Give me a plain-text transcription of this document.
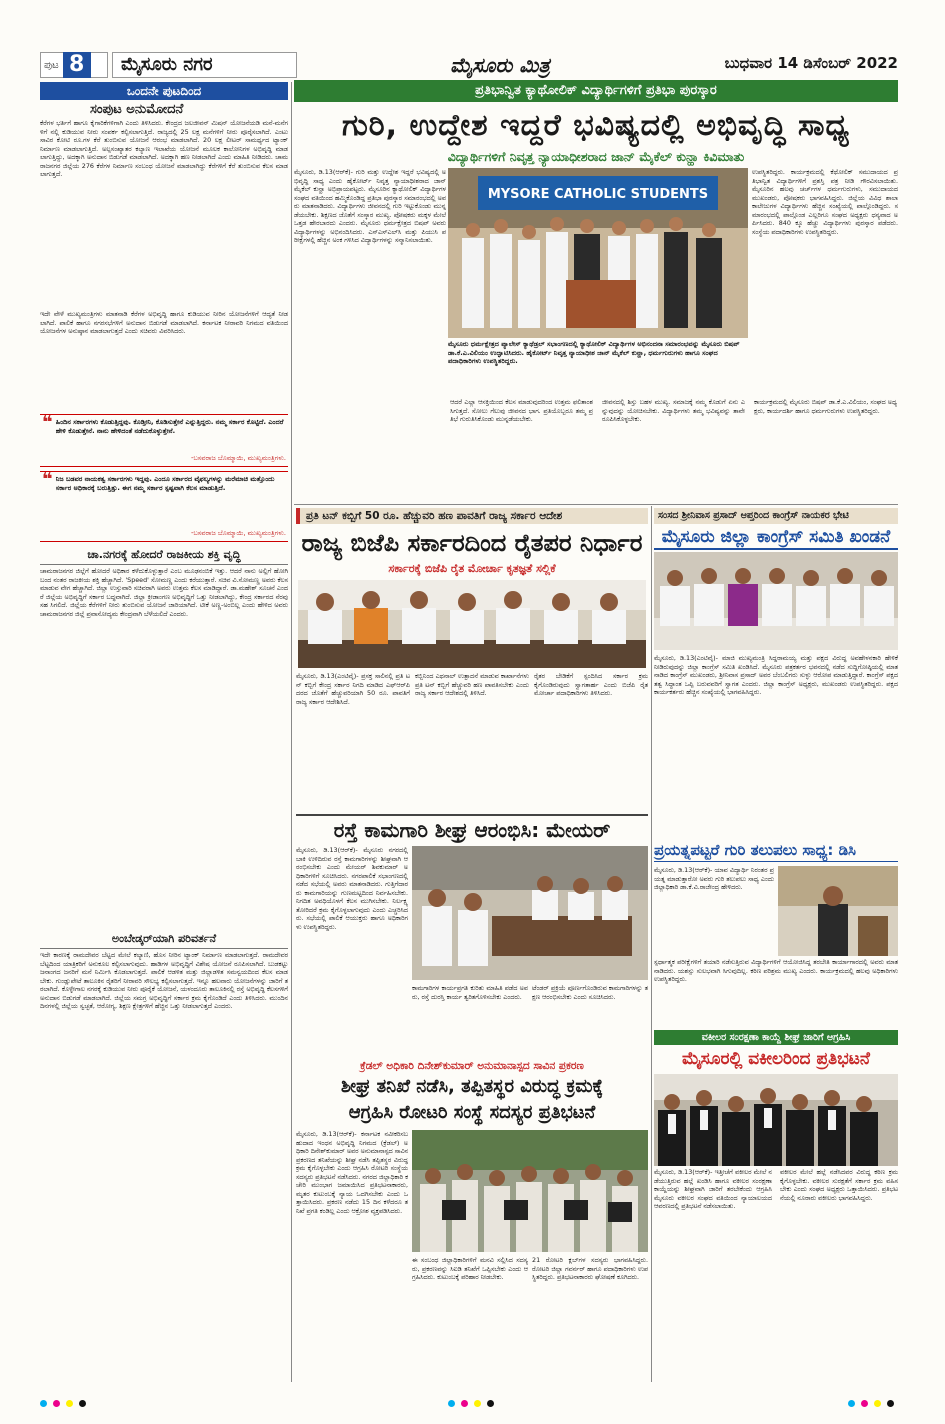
ಪುಟ 8	ಮೈಸೂರು ನಗರ	ಮೈಸೂರು ಮಿತ್ರ	ಬುಧವಾರ 14 ಡಿಸೆಂಬರ್ 2022
ಒಂದನೇ ಪುಟದಿಂದ
ಸಂಪುಟ ಅನುಮೋದನೆ
ಕೆರೆಗಳ ಭರ್ತಿಗೆ ಹಾಗೂ ಕೈಗಾರಿಕೆಗಳಿಗಾಗಿ ಎಂದು ತಿಳಿಸಿದರು. ಕೇಂದ್ರದ ಜಲಜೀವನ್ ಮಿಷನ್ ಯೋಜನೆಯಡಿ ಮನೆ-ಮನೆಗಳಿಗೆ ನಲ್ಲಿ ಕುಡಿಯುವ ನೀರು ಸಂಪರ್ಕ ಕಲ್ಪಿಸಲಾಗುತ್ತಿದೆ. ರಾಜ್ಯದಲ್ಲಿ 25 ಲಕ್ಷ ಮನೆಗಳಿಗೆ ನೀರು ಪೂರೈಸಲಾಗಿದೆ. ಎಂಟು ಸಾವಿರ ಕೋಟಿ ರೂ.ಗಳ ಕೆರೆ ತುಂಬಿಸುವ ಯೋಜನೆ ಆರಂಭ ಮಾಡಲಾಗಿದೆ. 20 ಲಕ್ಷ ಲೀಟರ್ ಸಾಮರ್ಥ್ಯದ ಟ್ಯಾಂಕ್ ನಿರ್ಮಾಣ ಮಾಡಲಾಗುತ್ತಿದೆ. ಅಲ್ಪಸಂಖ್ಯಾತರ ಕಲ್ಯಾಣ ಇಲಾಖೆಯ ಯೋಜನೆ ಮೂಲಕ ಕಾಲೋನಿಗಳ ಅಭಿವೃದ್ಧಿ ಮಾಡಲಾಗುತ್ತಿದ್ದು, ಅದಕ್ಕಾಗಿ ಅನುದಾನ ಬಿಡುಗಡೆ ಮಾಡಲಾಗಿದೆ. ಅದಕ್ಕಾಗಿ ಹಣ ನೀಡಲಾಗಿದೆ ಎಂದು ಮಾಹಿತಿ ನೀಡಿದರು. ಚಾಮರಾಜನಗರ ಜಿಲ್ಲೆಯ 276 ಕೆರೆಗಳ ನಿರ್ಮಾಣ ಸಂಬಂಧ ಯೋಜನೆ ಮಾಡಲಾಗಿದ್ದು ಕೆರೆಗಳಿಗೆ ಕೆರೆ ತುಂಬಿಸುವ ಕೆಲಸ ಮಾಡಲಾಗುತ್ತದೆ.
ಇದೇ ವೇಳೆ ಮುಖ್ಯಮಂತ್ರಿಗಳು ಮಾತನಾಡಿ ಕೆರೆಗಳ ಅಭಿವೃದ್ಧಿ ಹಾಗೂ ಕುಡಿಯುವ ನೀರಿನ ಯೋಜನೆಗಳಿಗೆ ಆದ್ಯತೆ ನೀಡಲಾಗಿದೆ. ಪಾಲಿಕೆ ಹಾಗೂ ನಗರಸಭೆಗಳಿಗೆ ಅನುದಾನ ಬಿಡುಗಡೆ ಮಾಡಲಾಗಿದೆ. ಕರ್ನಾಟಕ ನೀರಾವರಿ ನಿಗಮದ ವತಿಯಿಂದ ಯೋಜನೆಗಳ ಅನುಷ್ಠಾನ ಮಾಡಲಾಗುತ್ತದೆ ಎಂದು ಸಚಿವರು ವಿವರಿಸಿದರು.
❝ ಹಿಂದಿನ ಸರ್ಕಾರಗಳು ಕೊಡುತ್ತಿದ್ದವು. ಕೊಡ್ತೀನಿ, ಕೊಡಿಸುತ್ತೇನೆ ಎನ್ನುತ್ತಿದ್ದರು. ನಮ್ಮ ಸರ್ಕಾರ ಕೊಟ್ಟಿದೆ. ಎಂದರೆ ಹೇಳಿ ಕೊಡುತ್ತೇನೆ. ನಾನು ಹೇಳಿದಂತೆ ನಡೆದುಕೊಳ್ಳುತ್ತೇನೆ.
-ಬಸವರಾಜ ಬೊಮ್ಮಾಯಿ, ಮುಖ್ಯಮಂತ್ರಿಗಳು.
❝ ನಿಜ ಬಡವರ ನಾಯಕತ್ವ ಸರ್ಕಾರಗಳು ಇದ್ದವು. ಎಂದೂ ಸರ್ಕಾರದ ವೈಫಲ್ಯಗಳನ್ನು ಮರೆಮಾಚಿ ಮತ್ತೊಂದು ಸರ್ಕಾರ ಅಧಿಕಾರಕ್ಕೆ ಬರುತ್ತಿತ್ತು. ಈಗ ನಮ್ಮ ಸರ್ಕಾರ ಸ್ಪಷ್ಟವಾಗಿ ಕೆಲಸ ಮಾಡುತ್ತಿದೆ.
-ಬಸವರಾಜ ಬೊಮ್ಮಾಯಿ, ಮುಖ್ಯಮಂತ್ರಿಗಳು.
ಚಾ.ನಗರಕ್ಕೆ ಹೋದರೆ ರಾಜಕೀಯ ಶಕ್ತಿ ವೃದ್ಧಿ
ಚಾಮರಾಜನಗರ ಜಿಲ್ಲೆಗೆ ಹೋದರೆ ಅಧಿಕಾರ ಕಳೆದುಕೊಳ್ಳುತ್ತಾರೆ ಎಂಬ ಮೂಢನಂಬಿಕೆ ಇತ್ತು. ಆದರೆ ನಾನು ಅಲ್ಲಿಗೆ ಹೋಗಿ ಬಂದ ನಂತರ ರಾಜಕೀಯ ಶಕ್ತಿ ಹೆಚ್ಚಾಗಿದೆ. 'Speed' ಸೋಮಣ್ಣ ಎಂದು ಕರೆಯುತ್ತಾರೆ. ಸಚಿವ ವಿ.ಸೋಮಣ್ಣ ಅವರು ಕೆಲಸ ಮಾಡುವ ವೇಗ ಹೆಚ್ಚಾಗಿದೆ. ಜಿಲ್ಲಾ ಉಸ್ತುವಾರಿ ಸಚಿವರಾಗಿ ಅವರು ಉತ್ತಮ ಕೆಲಸ ಮಾಡಿದ್ದಾರೆ. ಡಾ.ಮಹೇಶ್ ಸೂಚನೆ ಎಂದರೆ ಜಿಲ್ಲೆಯ ಅಭಿವೃದ್ಧಿಗೆ ಸರ್ಕಾರ ಬದ್ಧವಾಗಿದೆ. ಜಿಲ್ಲಾ ಕ್ರೀಡಾಂಗಣ ಅಭಿವೃದ್ಧಿಗೆ ಒತ್ತು ನೀಡಲಾಗಿದ್ದು, ಕೇಂದ್ರ ಸರ್ಕಾರದ ನೆರವು ಸಹ ಸಿಗಲಿದೆ. ಜಿಲ್ಲೆಯ ಕೆರೆಗಳಿಗೆ ನೀರು ತುಂಬಿಸುವ ಯೋಜನೆ ಜಾರಿಯಾಗಿದೆ. ಟೀಕೆ ಅಣ್ಣ-ಅಂಬಿಲ್ಲ ಎಂದು ಹೇಳಿದ ಅವರು ಚಾಮರಾಜನಗರ ಜಿಲ್ಲೆ ಪ್ರವಾಸೋದ್ಯಮ ಕೇಂದ್ರವಾಗಿ ಬೆಳೆಯಲಿದೆ ಎಂದರು.
ಅಂಬೇಡ್ಕರ್‌ಯಾಗಿ ಪರಿವರ್ತನೆ
ಇದೇ ಕಾರಣಕ್ಕೆ ರಾಮದೇವರ ಬೆಟ್ಟದ ಮೇಲೆ ಕಲ್ಯಾಣಿ, ಹೊಸ ನೀರಿನ ಟ್ಯಾಂಕ್ ನಿರ್ಮಾಣ ಮಾಡಲಾಗುತ್ತದೆ. ರಾಮದೇವರ ಬೆಟ್ಟದಿಂದ ಯಾತ್ರಿಕರಿಗೆ ಅನುಕೂಲ ಕಲ್ಪಿಸಲಾಗುವುದು. ಹಾಡಿಗಳ ಅಭಿವೃದ್ಧಿಗೆ ವಿಶೇಷ ಯೋಜನೆ ರೂಪಿಸಲಾಗಿದೆ. ಬುಡಕಟ್ಟು ಜನಾಂಗದ ಜನರಿಗೆ ಮನೆ ನಿರ್ಮಿಸಿ ಕೊಡಲಾಗುತ್ತದೆ. ಪಾಲಿಕೆ ಆಡಳಿತ ಮತ್ತು ಜಿಲ್ಲಾಡಳಿತ ಸಮನ್ವಯದಿಂದ ಕೆಲಸ ಮಾಡಬೇಕು. ಗುಂಡ್ಲುಪೇಟೆ ತಾಲೂಕಿನ ರೈತರಿಗೆ ನೀರಾವರಿ ಸೌಲಭ್ಯ ಕಲ್ಪಿಸಲಾಗುತ್ತದೆ. ಇನ್ನೂ ಹಲವಾರು ಯೋಜನೆಗಳನ್ನು ಜಾರಿಗೆ ತರಲಾಗಿದೆ. ಕೊಳ್ಳೇಗಾಲ ನಗರಕ್ಕೆ ಕುಡಿಯುವ ನೀರು ಪೂರೈಕೆ ಯೋಜನೆ, ಯಳಂದೂರು ತಾಲೂಕಿನಲ್ಲಿ ರಸ್ತೆ ಅಭಿವೃದ್ಧಿ ಕೆಲಸಗಳಿಗೆ ಅನುದಾನ ಬಿಡುಗಡೆ ಮಾಡಲಾಗಿದೆ. ಜಿಲ್ಲೆಯ ಸಮಗ್ರ ಅಭಿವೃದ್ಧಿಗೆ ಸರ್ಕಾರ ಕ್ರಮ ಕೈಗೊಂಡಿದೆ ಎಂದು ತಿಳಿಸಿದರು. ಮುಂದಿನ ದಿನಗಳಲ್ಲಿ ಜಿಲ್ಲೆಯ ಸ್ವಚ್ಛತೆ, ಆರೋಗ್ಯ, ಶಿಕ್ಷಣ ಕ್ಷೇತ್ರಗಳಿಗೆ ಹೆಚ್ಚಿನ ಒತ್ತು ನೀಡಲಾಗುತ್ತದೆ ಎಂದರು.
ಪ್ರತಿಭಾನ್ವಿತ ಕ್ಯಾಥೋಲಿಕ್ ವಿದ್ಯಾರ್ಥಿಗಳಿಗೆ ಪ್ರತಿಭಾ ಪುರಸ್ಕಾರ
ಗುರಿ, ಉದ್ದೇಶ ಇದ್ದರೆ ಭವಿಷ್ಯದಲ್ಲಿ ಅಭಿವೃದ್ಧಿ ಸಾಧ್ಯ
ವಿದ್ಯಾರ್ಥಿಗಳಿಗೆ ನಿವೃತ್ತ ನ್ಯಾಯಾಧೀಶರಾದ ಜಾನ್ ಮೈಕೆಲ್ ಕುನ್ಹಾ ಕಿವಿಮಾತು
ಮೈಸೂರು, ಡಿ.13(ಆರ್‌ಕೆ)- ಗುರಿ ಮತ್ತು ಉದ್ದೇಶ ಇದ್ದರೆ ಭವಿಷ್ಯದಲ್ಲಿ ಅಭಿವೃದ್ಧಿ ಸಾಧ್ಯ ಎಂದು ಹೈಕೋರ್ಟ್ ನಿವೃತ್ತ ನ್ಯಾಯಾಧೀಶರಾದ ಜಾನ್ ಮೈಕೆಲ್ ಕುನ್ಹಾ ಅಭಿಪ್ರಾಯಪಟ್ಟರು. ಮೈಸೂರಿನ ಕ್ಯಾಥೋಲಿಕ್ ವಿದ್ಯಾರ್ಥಿಗಳ ಸಂಘದ ವತಿಯಿಂದ ಹಮ್ಮಿಕೊಂಡಿದ್ದ ಪ್ರತಿಭಾ ಪುರಸ್ಕಾರ ಸಮಾರಂಭದಲ್ಲಿ ಅವರು ಮಾತನಾಡಿದರು. ವಿದ್ಯಾರ್ಥಿಗಳು ಜೀವನದಲ್ಲಿ ಗುರಿ ಇಟ್ಟುಕೊಂಡು ಮುನ್ನಡೆಯಬೇಕು. ಶಿಕ್ಷಣದ ಜೊತೆಗೆ ಸಂಸ್ಕಾರ ಮುಖ್ಯ. ಪೋಷಕರು ಮಕ್ಕಳ ಮೇಲೆ ಒತ್ತಡ ಹೇರಬಾರದು ಎಂದರು. ಮೈಸೂರು ಧರ್ಮಕ್ಷೇತ್ರದ ಬಿಷಪ್ ಅವರು ವಿದ್ಯಾರ್ಥಿಗಳನ್ನು ಅಭಿನಂದಿಸಿದರು. ಎಸ್‌ಎಸ್‌ಎಲ್‌ಸಿ ಮತ್ತು ಪಿಯುಸಿ ಪರೀಕ್ಷೆಗಳಲ್ಲಿ ಹೆಚ್ಚಿನ ಅಂಕ ಗಳಿಸಿದ ವಿದ್ಯಾರ್ಥಿಗಳನ್ನು ಸನ್ಮಾನಿಸಲಾಯಿತು.
MYSORE CATHOLIC STUDENTS
ಉಪಸ್ಥಿತರಿದ್ದರು. ಕಾರ್ಯಕ್ರಮದಲ್ಲಿ ಕೆಥೋಲಿಕ್ ಸಮುದಾಯದ ಪ್ರತಿಭಾನ್ವಿತ ವಿದ್ಯಾರ್ಥಿಗಳಿಗೆ ಪ್ರಶಸ್ತಿ ಪತ್ರ ನೀಡಿ ಗೌರವಿಸಲಾಯಿತು. ಮೈಸೂರಿನ ಹಲವು ಚರ್ಚ್‌ಗಳ ಧರ್ಮಗುರುಗಳು, ಸಮುದಾಯದ ಮುಖಂಡರು, ಪೋಷಕರು ಭಾಗವಹಿಸಿದ್ದರು. ಜಿಲ್ಲೆಯ ವಿವಿಧ ಶಾಲಾ ಕಾಲೇಜುಗಳ ವಿದ್ಯಾರ್ಥಿಗಳು ಹೆಚ್ಚಿನ ಸಂಖ್ಯೆಯಲ್ಲಿ ಪಾಲ್ಗೊಂಡಿದ್ದರು. ಸಮಾರಂಭದಲ್ಲಿ ಪಾಲ್ಗೊಂಡ ಎಲ್ಲರಿಗೂ ಸಂಘದ ಅಧ್ಯಕ್ಷರು ಧನ್ಯವಾದ ಅರ್ಪಿಸಿದರು. 840 ಕ್ಕೂ ಹೆಚ್ಚು ವಿದ್ಯಾರ್ಥಿಗಳು ಪುರಸ್ಕಾರ ಪಡೆದರು. ಸಂಸ್ಥೆಯ ಪದಾಧಿಕಾರಿಗಳು ಉಪಸ್ಥಿತರಿದ್ದರು.
ಮೈಸೂರು ಧರ್ಮಕ್ಷೇತ್ರದ ಪ್ಯಾಲೇಸ್ ಕ್ಯಾಥೆಡ್ರಲ್ ಸಭಾಂಗಣದಲ್ಲಿ ಕ್ಯಾಥೋಲಿಕ್ ವಿದ್ಯಾರ್ಥಿಗಳ ಅಭಿನಂದನಾ ಸಮಾರಂಭವನ್ನು ಮೈಸೂರು ಬಿಷಪ್ ಡಾ.ಕೆ.ಎ.ವಿಲಿಯಂ ಉದ್ಘಾಟಿಸಿದರು. ಹೈಕೋರ್ಟ್ ನಿವೃತ್ತ ನ್ಯಾಯಾಧೀಶ ಜಾನ್ ಮೈಕೆಲ್ ಕುನ್ಹಾ, ಧರ್ಮಗುರುಗಳು ಹಾಗೂ ಸಂಘದ ಪದಾಧಿಕಾರಿಗಳು ಉಪಸ್ಥಿತರಿದ್ದರು.
ಆದರೆ ಎಲ್ಲಾ ಆಸಕ್ತಿಯಿಂದ ಕೆಲಸ ಮಾಡುವುದರಿಂದ ಉತ್ತಮ ಫಲಿತಾಂಶ ಸಿಗುತ್ತದೆ. ಸೋಲು ಗೆಲುವು ಜೀವನದ ಭಾಗ. ಪ್ರತಿಯೊಬ್ಬರೂ ತಮ್ಮ ಪ್ರತಿಭೆ ಗುರುತಿಸಿಕೊಂಡು ಮುನ್ನಡೆಯಬೇಕು.
ಜೀವನದಲ್ಲಿ ಶಿಸ್ತು ಬಹಳ ಮುಖ್ಯ. ಸಮಾಜಕ್ಕೆ ನಮ್ಮ ಕೊಡುಗೆ ಏನು ಎನ್ನುವುದನ್ನು ಯೋಚಿಸಬೇಕು. ವಿದ್ಯಾರ್ಥಿಗಳು ತಮ್ಮ ಭವಿಷ್ಯವನ್ನು ತಾವೇ ರೂಪಿಸಿಕೊಳ್ಳಬೇಕು.
ಕಾರ್ಯಕ್ರಮದಲ್ಲಿ ಮೈಸೂರು ಬಿಷಪ್ ಡಾ.ಕೆ.ಎ.ವಿಲಿಯಂ, ಸಂಘದ ಅಧ್ಯಕ್ಷರು, ಕಾರ್ಯದರ್ಶಿ ಹಾಗೂ ಧರ್ಮಗುರುಗಳು ಉಪಸ್ಥಿತರಿದ್ದರು.
ಪ್ರತಿ ಟನ್ ಕಬ್ಬಿಗೆ 50 ರೂ. ಹೆಚ್ಚುವರಿ ಹಣ ಪಾವತಿಗೆ ರಾಜ್ಯ ಸರ್ಕಾರ ಆದೇಶ
ರಾಜ್ಯ ಬಿಜೆಪಿ ಸರ್ಕಾರದಿಂದ ರೈತಪರ ನಿರ್ಧಾರ
ಸರ್ಕಾರಕ್ಕೆ ಬಿಜೆಪಿ ರೈತ ಮೋರ್ಚಾ ಕೃತಜ್ಞತೆ ಸಲ್ಲಿಕೆ
ಮೈಸೂರು, ಡಿ.13(ಎಂಟಿವೈ)- ಪ್ರಸಕ್ತ ಸಾಲಿನಲ್ಲಿ ಪ್ರತಿ ಟನ್ ಕಬ್ಬಿಗೆ ಕೇಂದ್ರ ಸರ್ಕಾರ ನಿಗದಿ ಮಾಡಿದ ಎಫ್‌ಆರ್‌ಪಿ ದರದ ಜೊತೆಗೆ ಹೆಚ್ಚುವರಿಯಾಗಿ 50 ರೂ. ಪಾವತಿಗೆ ರಾಜ್ಯ ಸರ್ಕಾರ ಆದೇಶಿಸಿದೆ.
ಕಬ್ಬಿನಿಂದ ಎಥನಾಲ್ ಉತ್ಪಾದನೆ ಮಾಡುವ ಕಾರ್ಖಾನೆಗಳು ಪ್ರತಿ ಟನ್ ಕಬ್ಬಿಗೆ ಹೆಚ್ಚುವರಿ ಹಣ ಪಾವತಿಸಬೇಕು ಎಂದು ರಾಜ್ಯ ಸರ್ಕಾರ ಆದೇಶದಲ್ಲಿ ತಿಳಿಸಿದೆ.
ರೈತರ ಬೇಡಿಕೆಗೆ ಸ್ಪಂದಿಸಿದ ಸರ್ಕಾರ ಕ್ರಮ ಕೈಗೊಂಡಿರುವುದು ಸ್ವಾಗತಾರ್ಹ ಎಂದು ಬಿಜೆಪಿ ರೈತ ಮೋರ್ಚಾ ಪದಾಧಿಕಾರಿಗಳು ತಿಳಿಸಿದರು.
ಸಂಸದ ಶ್ರೀನಿವಾಸ ಪ್ರಸಾದ್ ಆಪ್ತರಿಂದ ಕಾಂಗ್ರೆಸ್ ನಾಯಕರ ಭೇಟಿ
ಮೈಸೂರು ಜಿಲ್ಲಾ ಕಾಂಗ್ರೆಸ್ ಸಮಿತಿ ಖಂಡನೆ
ಮೈಸೂರು, ಡಿ.13(ಎಂಟಿವೈ)- ಮಾಜಿ ಮುಖ್ಯಮಂತ್ರಿ ಸಿದ್ದರಾಮಯ್ಯ ಮತ್ತು ಪಕ್ಷದ ವಿರುದ್ಧ ಅವಹೇಳನಕಾರಿ ಹೇಳಿಕೆ ನೀಡಿರುವುದನ್ನು ಜಿಲ್ಲಾ ಕಾಂಗ್ರೆಸ್ ಸಮಿತಿ ಖಂಡಿಸಿದೆ. ಮೈಸೂರು ಪತ್ರಕರ್ತರ ಭವನದಲ್ಲಿ ನಡೆದ ಸುದ್ದಿಗೋಷ್ಠಿಯಲ್ಲಿ ಮಾತನಾಡಿದ ಕಾಂಗ್ರೆಸ್ ಮುಖಂಡರು, ಶ್ರೀನಿವಾಸ ಪ್ರಸಾದ್ ಅವರ ಬೆಂಬಲಿಗರು ಸುಳ್ಳು ಆರೋಪ ಮಾಡುತ್ತಿದ್ದಾರೆ. ಕಾಂಗ್ರೆಸ್ ಪಕ್ಷದ ತತ್ವ ಸಿದ್ಧಾಂತ ಒಪ್ಪಿ ಬರುವವರಿಗೆ ಸ್ವಾಗತ ಎಂದರು. ಜಿಲ್ಲಾ ಕಾಂಗ್ರೆಸ್ ಅಧ್ಯಕ್ಷರು, ಮುಖಂಡರು ಉಪಸ್ಥಿತರಿದ್ದರು. ಪಕ್ಷದ ಕಾರ್ಯಕರ್ತರು ಹೆಚ್ಚಿನ ಸಂಖ್ಯೆಯಲ್ಲಿ ಭಾಗವಹಿಸಿದ್ದರು.
ಪ್ರಯತ್ನಪಟ್ಟರೆ ಗುರಿ ತಲುಪಲು ಸಾಧ್ಯ: ಡಿಸಿ
ಮೈಸೂರು, ಡಿ.13(ಆರ್‌ಕೆ)- ಯಾವ ವಿದ್ಯಾರ್ಥಿ ನಿರಂತರ ಪ್ರಯತ್ನ ಮಾಡುತ್ತಾರೋ ಅವರು ಗುರಿ ತಲುಪಲು ಸಾಧ್ಯ ಎಂದು ಜಿಲ್ಲಾಧಿಕಾರಿ ಡಾ.ಕೆ.ವಿ.ರಾಜೇಂದ್ರ ಹೇಳಿದರು.
ಸ್ಪರ್ಧಾತ್ಮಕ ಪರೀಕ್ಷೆಗಳಿಗೆ ತಯಾರಿ ನಡೆಸುತ್ತಿರುವ ವಿದ್ಯಾರ್ಥಿಗಳಿಗೆ ಆಯೋಜಿಸಿದ್ದ ತರಬೇತಿ ಕಾರ್ಯಾಗಾರದಲ್ಲಿ ಅವರು ಮಾತನಾಡಿದರು. ಯಶಸ್ಸು ಸುಲಭವಾಗಿ ಸಿಗುವುದಿಲ್ಲ. ಕಠಿಣ ಪರಿಶ್ರಮ ಮುಖ್ಯ ಎಂದರು. ಕಾರ್ಯಕ್ರಮದಲ್ಲಿ ಹಲವು ಅಧಿಕಾರಿಗಳು ಉಪಸ್ಥಿತರಿದ್ದರು.
ವಕೀಲರ ಸಂರಕ್ಷಣಾ ಕಾಯ್ದೆ ಶೀಘ್ರ ಜಾರಿಗೆ ಆಗ್ರಹಿಸಿ
ಮೈಸೂರಲ್ಲಿ ವಕೀಲರಿಂದ ಪ್ರತಿಭಟನೆ
ಮೈಸೂರು, ಡಿ.13(ಆರ್‌ಕೆ)- ಇತ್ತೀಚೆಗೆ ವಕೀಲರ ಮೇಲೆ ನಡೆಯುತ್ತಿರುವ ಹಲ್ಲೆ ಖಂಡಿಸಿ ಹಾಗೂ ವಕೀಲರ ಸಂರಕ್ಷಣಾ ಕಾಯ್ದೆಯನ್ನು ಶೀಘ್ರವಾಗಿ ಜಾರಿಗೆ ತರಬೇಕೆಂದು ಆಗ್ರಹಿಸಿ ಮೈಸೂರು ವಕೀಲರ ಸಂಘದ ವತಿಯಿಂದ ನ್ಯಾಯಾಲಯದ ಆವರಣದಲ್ಲಿ ಪ್ರತಿಭಟನೆ ನಡೆಸಲಾಯಿತು.
ವಕೀಲರ ಮೇಲೆ ಹಲ್ಲೆ ನಡೆಸಿದವರ ವಿರುದ್ಧ ಕಠಿಣ ಕ್ರಮ ಕೈಗೊಳ್ಳಬೇಕು. ವಕೀಲರ ಸುರಕ್ಷತೆಗೆ ಸರ್ಕಾರ ಕ್ರಮ ವಹಿಸಬೇಕು ಎಂದು ಸಂಘದ ಅಧ್ಯಕ್ಷರು ಒತ್ತಾಯಿಸಿದರು. ಪ್ರತಿಭಟನೆಯಲ್ಲಿ ನೂರಾರು ವಕೀಲರು ಭಾಗವಹಿಸಿದ್ದರು.
ರಸ್ತೆ ಕಾಮಗಾರಿ ಶೀಘ್ರ ಆರಂಭಿಸಿ: ಮೇಯರ್
ಮೈಸೂರು, ಡಿ.13(ಆರ್‌ಕೆ)- ಮೈಸೂರು ನಗರದಲ್ಲಿ ಬಾಕಿ ಉಳಿದಿರುವ ರಸ್ತೆ ಕಾಮಗಾರಿಗಳನ್ನು ಶೀಘ್ರವಾಗಿ ಆರಂಭಿಸಬೇಕು ಎಂದು ಮೇಯರ್ ಶಿವಕುಮಾರ್ ಅಧಿಕಾರಿಗಳಿಗೆ ಸೂಚಿಸಿದರು. ನಗರಪಾಲಿಕೆ ಸಭಾಂಗಣದಲ್ಲಿ ನಡೆದ ಸಭೆಯಲ್ಲಿ ಅವರು ಮಾತನಾಡಿದರು. ಗುತ್ತಿಗೆದಾರರು ಕಾಮಗಾರಿಯನ್ನು ಗುಣಮಟ್ಟದಿಂದ ನಿರ್ವಹಿಸಬೇಕು. ನಿಗದಿತ ಅವಧಿಯೊಳಗೆ ಕೆಲಸ ಮುಗಿಸಬೇಕು. ನಿರ್ಲಕ್ಷ್ಯ ತೋರಿದರೆ ಕ್ರಮ ಕೈಗೊಳ್ಳಲಾಗುವುದು ಎಂದು ಎಚ್ಚರಿಸಿದರು. ಸಭೆಯಲ್ಲಿ ಪಾಲಿಕೆ ಆಯುಕ್ತರು ಹಾಗೂ ಅಧಿಕಾರಿಗಳು ಉಪಸ್ಥಿತರಿದ್ದರು.
ಕಾಮಗಾರಿಗಳ ಕಾರ್ಯಪ್ರಗತಿ ಕುರಿತು ಮಾಹಿತಿ ಪಡೆದ ಅವರು, ರಸ್ತೆ ದುರಸ್ತಿ ಕಾರ್ಯ ತ್ವರಿತಗೊಳಿಸಬೇಕು ಎಂದರು.
ಟೆಂಡರ್ ಪ್ರಕ್ರಿಯೆ ಪೂರ್ಣಗೊಂಡಿರುವ ಕಾಮಗಾರಿಗಳನ್ನು ತಕ್ಷಣ ಆರಂಭಿಸಬೇಕು ಎಂದು ಸೂಚಿಸಿದರು.
ಕ್ರೆಡಲ್ ಅಧಿಕಾರಿ ದಿನೇಶ್‌ಕುಮಾರ್ ಅನುಮಾನಾಸ್ಪದ ಸಾವಿನ ಪ್ರಕರಣ
ಶೀಘ್ರ ತನಿಖೆ ನಡೆಸಿ, ತಪ್ಪಿತಸ್ಥರ ವಿರುದ್ಧ ಕ್ರಮಕ್ಕೆ
ಆಗ್ರಹಿಸಿ ರೋಟರಿ ಸಂಸ್ಥೆ ಸದಸ್ಯರ ಪ್ರತಿಭಟನೆ
ಮೈಸೂರು, ಡಿ.13(ಆರ್‌ಕೆ)- ಕರ್ನಾಟಕ ನವೀಕರಿಸಬಹುದಾದ ಇಂಧನ ಅಭಿವೃದ್ಧಿ ನಿಗಮದ (ಕ್ರೆಡಲ್) ಅಧಿಕಾರಿ ದಿನೇಶ್‌ಕುಮಾರ್ ಅವರ ಅನುಮಾನಾಸ್ಪದ ಸಾವಿನ ಪ್ರಕರಣದ ತನಿಖೆಯನ್ನು ಶೀಘ್ರ ನಡೆಸಿ ತಪ್ಪಿತಸ್ಥರ ವಿರುದ್ಧ ಕ್ರಮ ಕೈಗೊಳ್ಳಬೇಕು ಎಂದು ಆಗ್ರಹಿಸಿ ರೋಟರಿ ಸಂಸ್ಥೆಯ ಸದಸ್ಯರು ಪ್ರತಿಭಟನೆ ನಡೆಸಿದರು. ನಗರದ ಜಿಲ್ಲಾಧಿಕಾರಿ ಕಚೇರಿ ಮುಂಭಾಗ ಜಮಾಯಿಸಿದ ಪ್ರತಿಭಟನಾಕಾರರು, ಮೃತರ ಕುಟುಂಬಕ್ಕೆ ನ್ಯಾಯ ಒದಗಿಸಬೇಕು ಎಂದು ಒತ್ತಾಯಿಸಿದರು. ಪ್ರಕರಣ ನಡೆದು 15 ದಿನ ಕಳೆದರೂ ತನಿಖೆ ಪ್ರಗತಿ ಕಂಡಿಲ್ಲ ಎಂದು ಆಕ್ರೋಶ ವ್ಯಕ್ತಪಡಿಸಿದರು.
ಈ ಸಂಬಂಧ ಜಿಲ್ಲಾಧಿಕಾರಿಗಳಿಗೆ ಮನವಿ ಸಲ್ಲಿಸಿದ ಸದಸ್ಯರು, ಪ್ರಕರಣವನ್ನು ಸಿಐಡಿ ತನಿಖೆಗೆ ಒಪ್ಪಿಸಬೇಕು ಎಂದು ಆಗ್ರಹಿಸಿದರು. ಕುಟುಂಬಕ್ಕೆ ಪರಿಹಾರ ನೀಡಬೇಕು.
21 ರೋಟರಿ ಕ್ಲಬ್‌ಗಳ ಸದಸ್ಯರು ಭಾಗವಹಿಸಿದ್ದರು. ರೋಟರಿ ಜಿಲ್ಲಾ ಗವರ್ನರ್ ಹಾಗೂ ಪದಾಧಿಕಾರಿಗಳು ಉಪಸ್ಥಿತರಿದ್ದರು. ಪ್ರತಿಭಟನಾಕಾರರು ಘೋಷಣೆ ಕೂಗಿದರು.
